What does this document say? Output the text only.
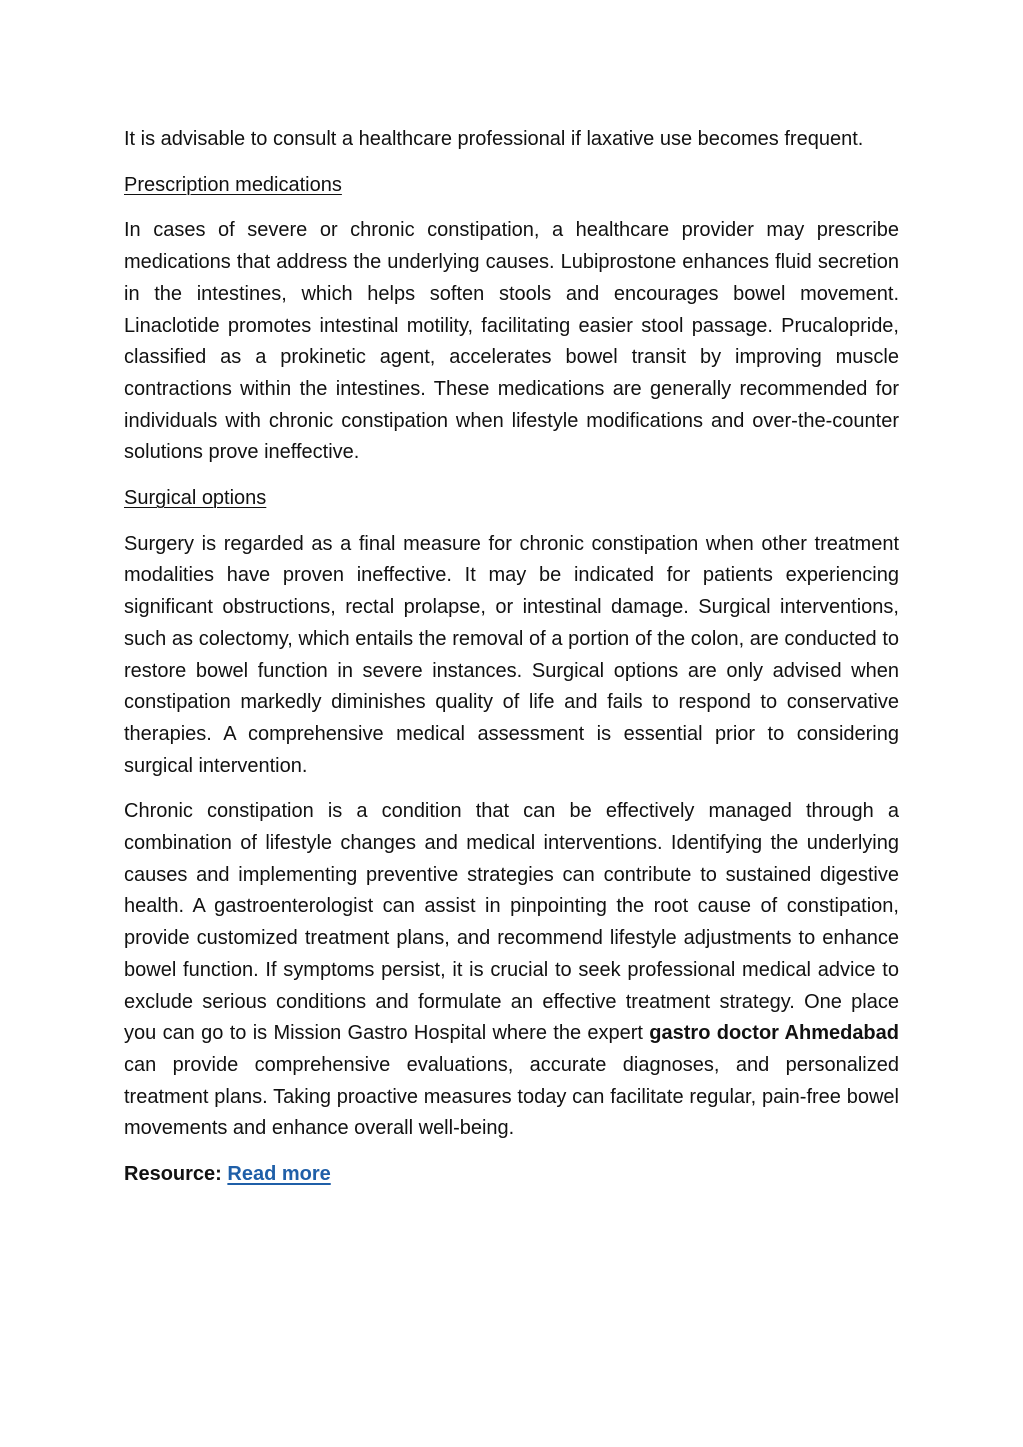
It is advisable to consult a healthcare professional if laxative use becomes frequent.

Prescription medications

In cases of severe or chronic constipation, a healthcare provider may prescribe medications that address the underlying causes. Lubiprostone enhances fluid secretion in the intestines, which helps soften stools and encourages bowel movement. Linaclotide promotes intestinal motility, facilitating easier stool passage. Prucalopride, classified as a prokinetic agent, accelerates bowel transit by improving muscle contractions within the intestines. These medications are generally recommended for individuals with chronic constipation when lifestyle modifications and over-the-counter solutions prove ineffective.

Surgical options

Surgery is regarded as a final measure for chronic constipation when other treatment modalities have proven ineffective. It may be indicated for patients experiencing significant obstructions, rectal prolapse, or intestinal damage. Surgical interventions, such as colectomy, which entails the removal of a portion of the colon, are conducted to restore bowel function in severe instances. Surgical options are only advised when constipation markedly diminishes quality of life and fails to respond to conservative therapies. A comprehensive medical assessment is essential prior to considering surgical intervention.

Chronic constipation is a condition that can be effectively managed through a combination of lifestyle changes and medical interventions. Identifying the underlying causes and implementing preventive strategies can contribute to sustained digestive health. A gastroenterologist can assist in pinpointing the root cause of constipation, provide customized treatment plans, and recommend lifestyle adjustments to enhance bowel function. If symptoms persist, it is crucial to seek professional medical advice to exclude serious conditions and formulate an effective treatment strategy. One place you can go to is Mission Gastro Hospital where the expert gastro doctor Ahmedabad can provide comprehensive evaluations, accurate diagnoses, and personalized treatment plans. Taking proactive measures today can facilitate regular, pain-free bowel movements and enhance overall well-being.

Resource: Read more
